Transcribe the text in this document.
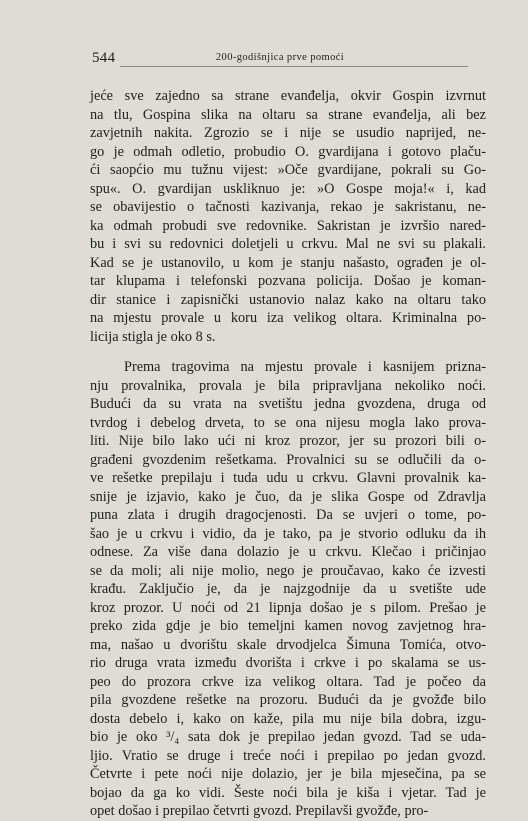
544	200-godišnjica prve pomoći
jeće sve zajedno sa stranе evanđelja, okvir Gospin izvrnut
na tlu, Gospina slika na oltaru sa strane evanđelja, ali bez
zavjetnih nakita. Zgrozio se i nije se usudio naprijed, ne-
go je odmah odletio, probudio O. gvardijana i gotovo plaču-
ći saopćio mu tužnu vijest: »Oče gvardijane, pokrali su Go-
spu«. O. gvardijan uskliknuo je: »O Gospe moja!« i, kad
se obavijestio o tačnosti kazivanja, rekao je sakristanu, ne-
ka odmah probudi sve redovnike. Sakristan je izvršio nared-
bu i svi su redovnici doletjeli u crkvu. Mal ne svi su plakali.
Kad se je ustanovilo, u kom je stanju našasto, ograđen je ol-
tar klupama i telefonski pozvana policija. Došao je koman-
dir stanice i zapisnički ustanovio nalaz kako na oltaru tako
na mjestu provale u koru iza velikog oltara. Kriminalna po-
licija stigla je oko 8 s.
Prema tragovima na mjestu provale i kasnijem prizna-
nju provalnika, provala je bila pripravljana nekoliko noći.
Budući da su vrata na svetištu jedna gvozdena, druga od
tvrdog i debelog drveta, to se ona nijesu mogla lako prova-
liti. Nije bilo lako ući ni kroz prozor, jer su prozori bili o-
građeni gvozdenim rešetkama. Provalnici su se odlučili da o-
ve rešetke prepilaju i tuda udu u crkvu. Glavni provalnik ka-
snije je izjavio, kako je čuo, da je slika Gospe od Zdravlja
puna zlata i drugih dragocjenosti. Da se uvjeri o tome, po-
šao je u crkvu i vidio, da je tako, pa je stvorio odluku da ih
odnese. Za više dana dolazio je u crkvu. Klečao i pričinjao
se da moli; ali nije molio, nego je proučavao, kako će izvesti
krađu. Zaključio je, da je najzgodnije da u svetište ude
kroz prozor. U noći od 21 lipnja došao je s pilom. Prešao je
preko zida gdje je bio temeljni kamen novog zavjetnog hra-
ma, našao u dvorištu skale drvodjelca Šimuna Tomića, otvo-
rio druga vrata između dvorišta i crkve i po skalama se us-
peo do prozora crkve iza velikog oltara. Tad je počeo da
pila gvozdene rešetke na prozoru. Budući da je gvožđe bilo
dosta debelo i, kako on kaže, pila mu nije bila dobra, izgu-
bio je oko ³/₄ sata dok je prepilao jedan gvozd. Tad se uda-
ljio. Vratio se druge i treće noći i prepilao po jedan gvozd.
Četvrte i pete noći nije dolazio, jer je bila mjesečina, pa se
bojao da ga ko vidi. Šeste noći bila je kiša i vjetar. Tad je
opet došao i prepilao četvrti gvozd. Prepilavši gvožđe, pro-
